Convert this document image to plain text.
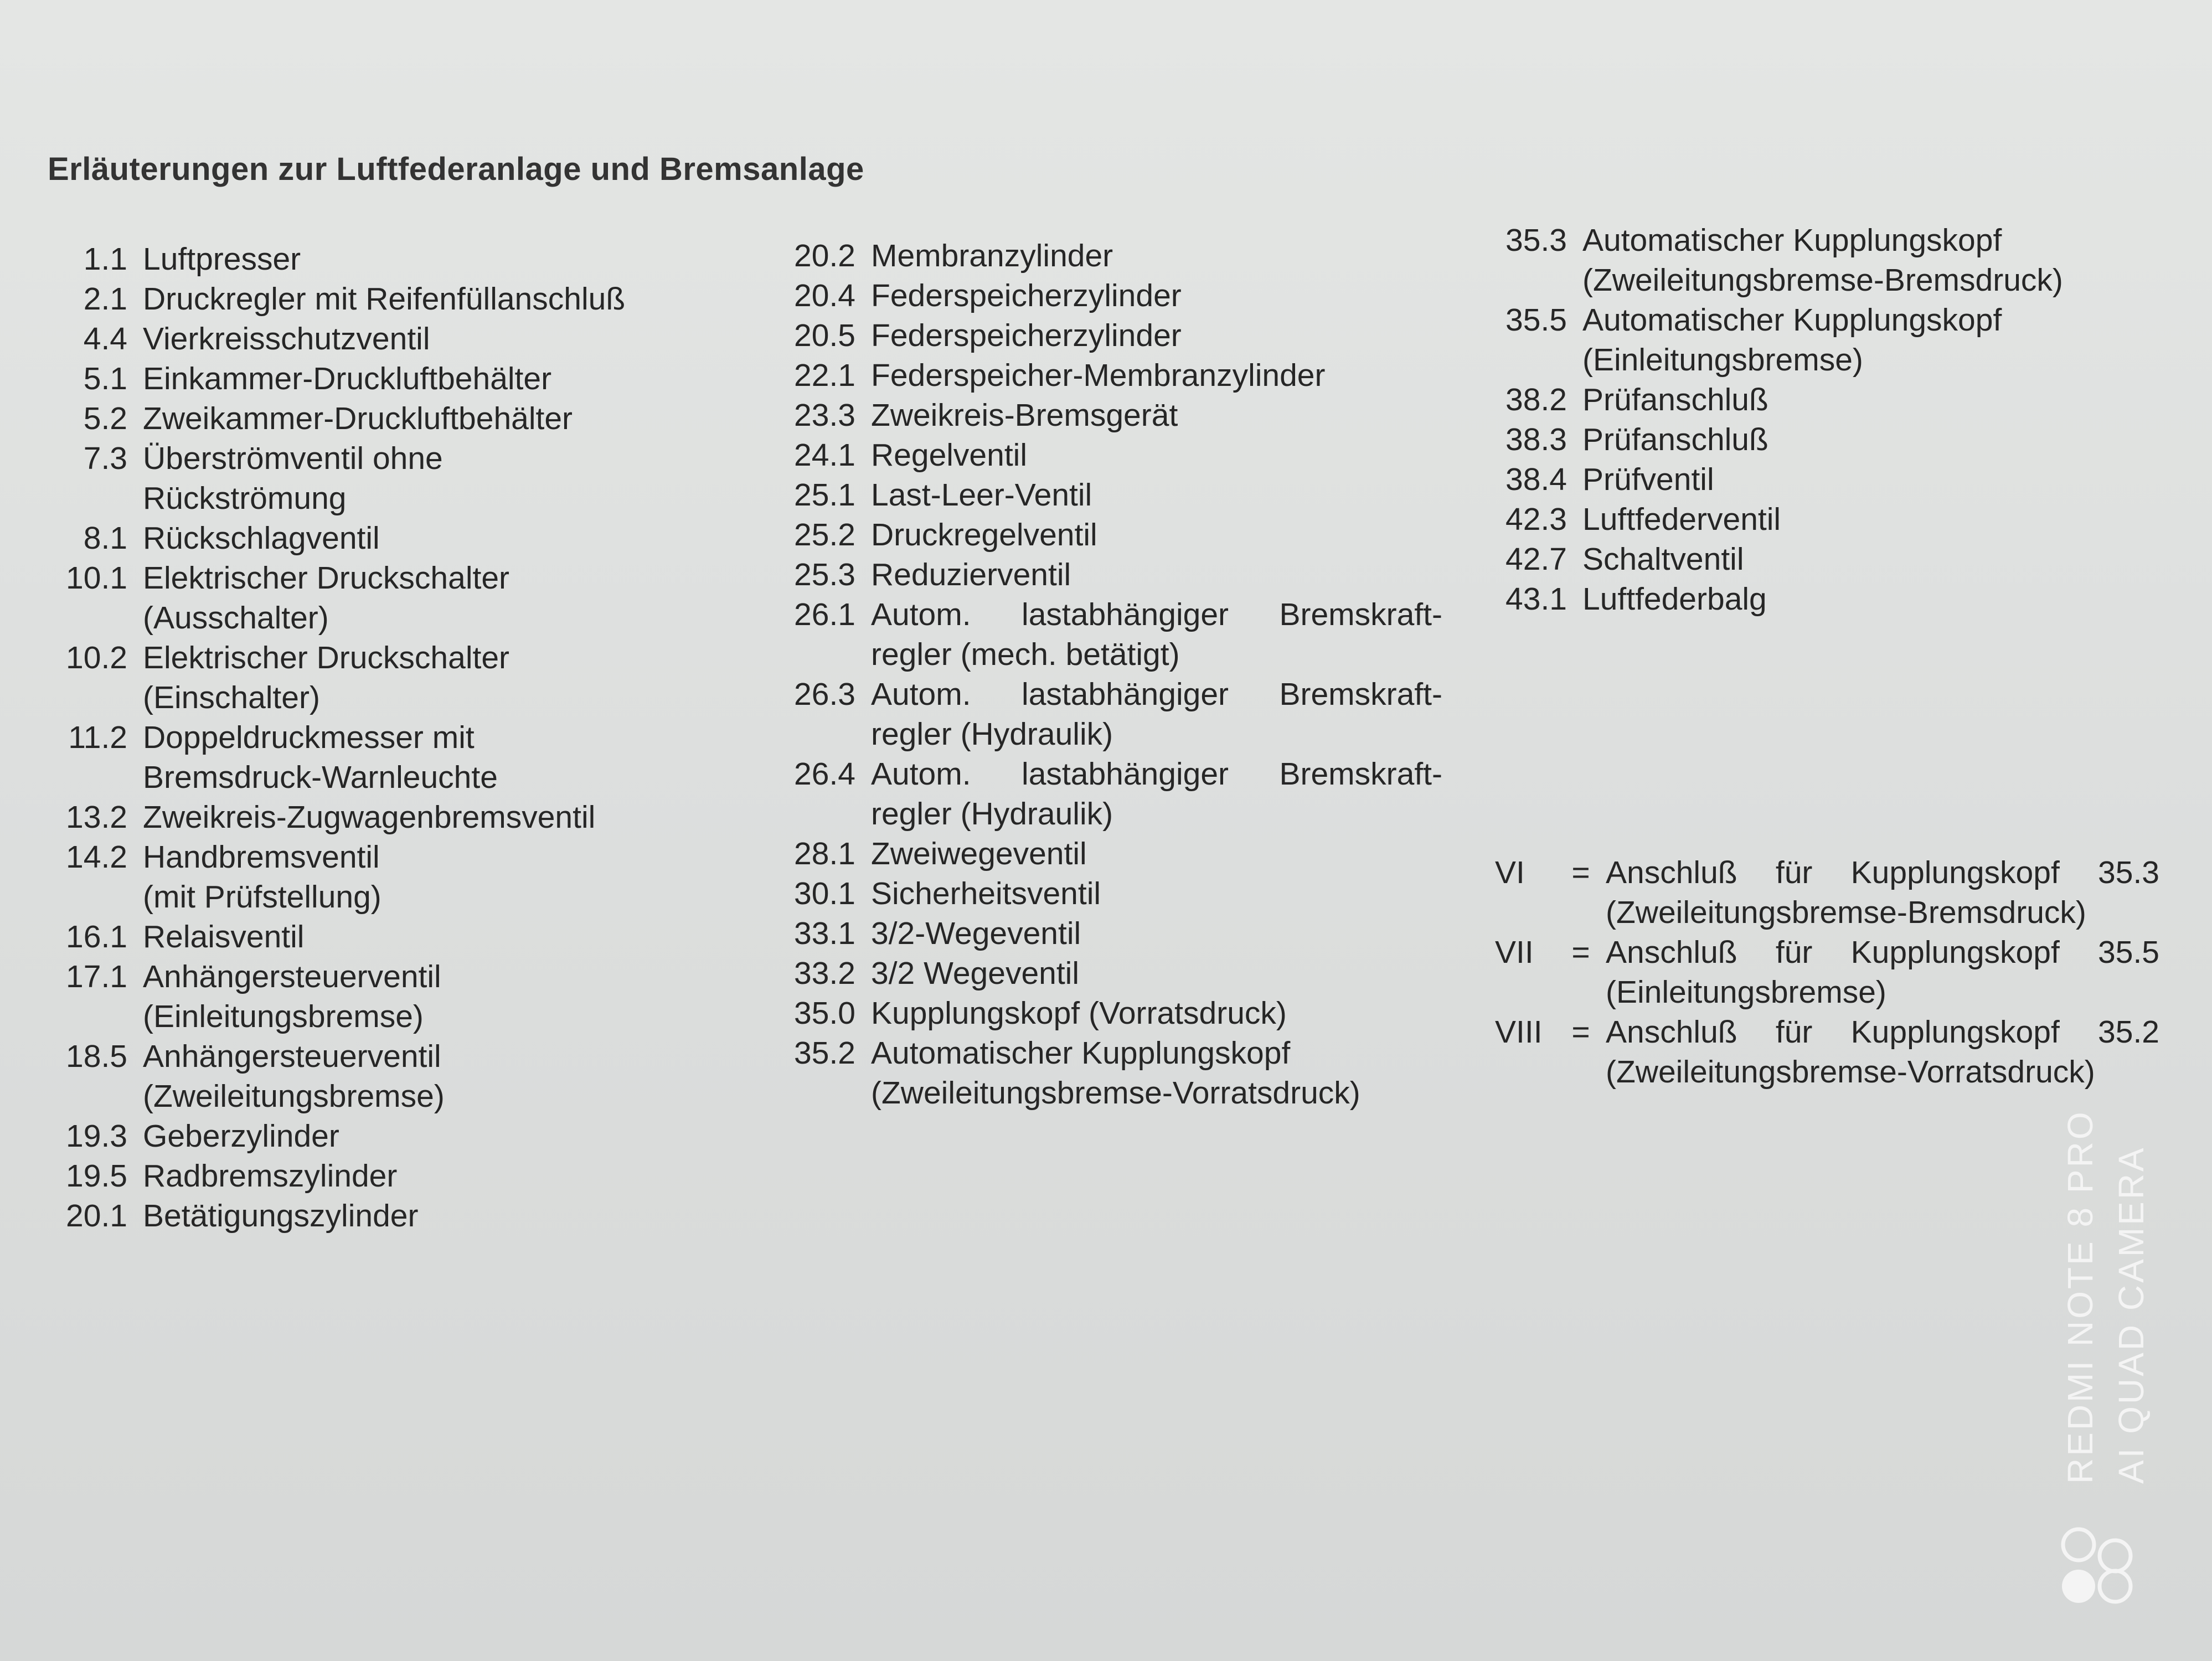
Erläuterungen zur Luftfederanlage und Bremsanlage
1.1 Luftpresser
2.1 Druckregler mit Reifenfüllanschluß
4.4 Vierkreisschutzventil
5.1 Einkammer-Druckluftbehälter
5.2 Zweikammer-Druckluftbehälter
7.3 Überströmventil ohne
Rückströmung
8.1 Rückschlagventil
10.1 Elektrischer Druckschalter
(Ausschalter)
10.2 Elektrischer Druckschalter
(Einschalter)
11.2 Doppeldruckmesser mit
Bremsdruck-Warnleuchte
13.2 Zweikreis-Zugwagenbremsventil
14.2 Handbremsventil
(mit Prüfstellung)
16.1 Relaisventil
17.1 Anhängersteuerventil
(Einleitungsbremse)
18.5 Anhängersteuerventil
(Zweileitungsbremse)
19.3 Geberzylinder
19.5 Radbremszylinder
20.1 Betätigungszylinder
20.2 Membranzylinder
20.4 Federspeicherzylinder
20.5 Federspeicherzylinder
22.1 Federspeicher-Membranzylinder
23.3 Zweikreis-Bremsgerät
24.1 Regelventil
25.1 Last-Leer-Ventil
25.2 Druckregelventil
25.3 Reduzierventil
26.1 Autom. lastabhängiger Bremskraft-
regler (mech. betätigt)
26.3 Autom. lastabhängiger Bremskraft-
regler (Hydraulik)
26.4 Autom. lastabhängiger Bremskraft-
regler (Hydraulik)
28.1 Zweiwegeventil
30.1 Sicherheitsventil
33.1 3/2-Wegeventil
33.2 3/2 Wegeventil
35.0 Kupplungskopf (Vorratsdruck)
35.2 Automatischer Kupplungskopf
(Zweileitungsbremse-Vorratsdruck)
35.3 Automatischer Kupplungskopf
(Zweileitungsbremse-Bremsdruck)
35.5 Automatischer Kupplungskopf
(Einleitungsbremse)
38.2 Prüfanschluß
38.3 Prüfanschluß
38.4 Prüfventil
42.3 Luftfederventil
42.7 Schaltventil
43.1 Luftfederbalg
VI	= Anschluß für Kupplungskopf 35.3
(Zweileitungsbremse-Bremsdruck)
VII	= Anschluß für Kupplungskopf 35.5
(Einleitungsbremse)
VIII = Anschluß für Kupplungskopf 35.2
(Zweileitungsbremse-Vorratsdruck)
REDMI NOTE 8 PRO AI QUAD CAMERA
